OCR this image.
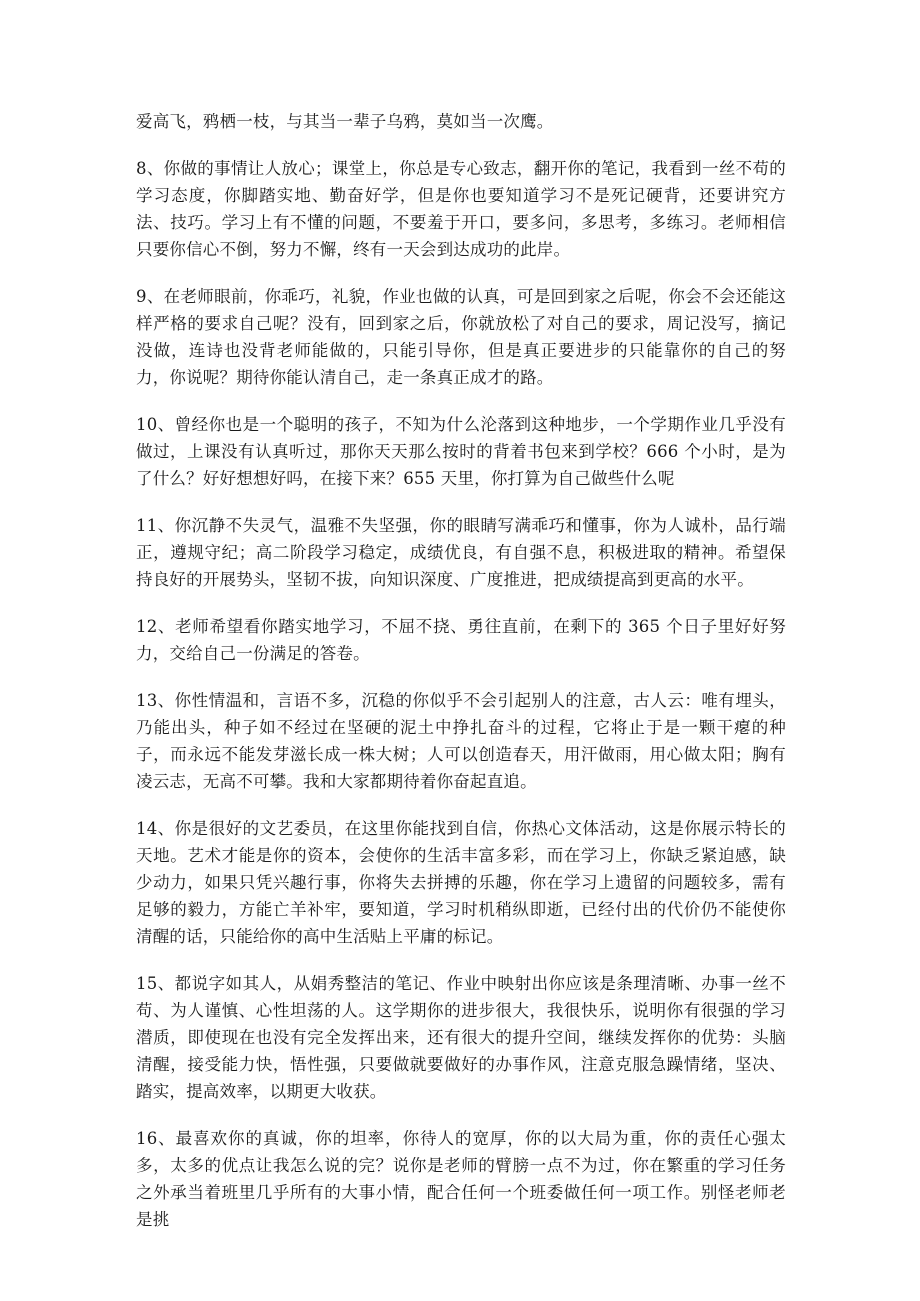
爱高飞，鸦栖一枝，与其当一辈子乌鸦，莫如当一次鹰。

8、你做的事情让人放心；课堂上，你总是专心致志，翻开你的笔记，我看到一丝不苟的学习态度，你脚踏实地、勤奋好学，但是你也要知道学习不是死记硬背，还要讲究方法、技巧。学习上有不懂的问题，不要羞于开口，要多问，多思考，多练习。老师相信只要你信心不倒，努力不懈，终有一天会到达成功的此岸。

9、在老师眼前，你乖巧，礼貌，作业也做的认真，可是回到家之后呢，你会不会还能这样严格的要求自己呢？没有，回到家之后，你就放松了对自己的要求，周记没写，摘记没做，连诗也没背老师能做的，只能引导你，但是真正要进步的只能靠你的自己的努力，你说呢？期待你能认清自己，走一条真正成才的路。

10、曾经你也是一个聪明的孩子，不知为什么沦落到这种地步，一个学期作业几乎没有做过，上课没有认真听过，那你天天那么按时的背着书包来到学校？666 个小时，是为了什么？好好想想好吗，在接下来？655 天里，你打算为自己做些什么呢

11、你沉静不失灵气，温雅不失坚强，你的眼睛写满乖巧和懂事，你为人诚朴，品行端正，遵规守纪；高二阶段学习稳定，成绩优良，有自强不息，积极进取的精神。希望保持良好的开展势头，坚韧不拔，向知识深度、广度推进，把成绩提高到更高的水平。

12、老师希望看你踏实地学习，不屈不挠、勇往直前，在剩下的 365 个日子里好好努力，交给自己一份满足的答卷。

13、你性情温和，言语不多，沉稳的你似乎不会引起别人的注意，古人云：唯有埋头，乃能出头，种子如不经过在坚硬的泥土中挣扎奋斗的过程，它将止于是一颗干瘪的种子，而永远不能发芽滋长成一株大树；人可以创造春天，用汗做雨，用心做太阳；胸有凌云志，无高不可攀。我和大家都期待着你奋起直追。

14、你是很好的文艺委员，在这里你能找到自信，你热心文体活动，这是你展示特长的天地。艺术才能是你的资本，会使你的生活丰富多彩，而在学习上，你缺乏紧迫感，缺少动力，如果只凭兴趣行事，你将失去拼搏的乐趣，你在学习上遗留的问题较多，需有足够的毅力，方能亡羊补牢，要知道，学习时机稍纵即逝，已经付出的代价仍不能使你清醒的话，只能给你的高中生活贴上平庸的标记。

15、都说字如其人，从娟秀整洁的笔记、作业中映射出你应该是条理清晰、办事一丝不苟、为人谨慎、心性坦荡的人。这学期你的进步很大，我很快乐，说明你有很强的学习潜质，即使现在也没有完全发挥出来，还有很大的提升空间，继续发挥你的优势：头脑清醒，接受能力快，悟性强，只要做就要做好的办事作风，注意克服急躁情绪，坚决、踏实，提高效率，以期更大收获。

16、最喜欢你的真诚，你的坦率，你待人的宽厚，你的以大局为重，你的责任心强太多，太多的优点让我怎么说的完？说你是老师的臂膀一点不为过，你在繁重的学习任务之外承当着班里几乎所有的大事小情，配合任何一个班委做任何一项工作。别怪老师老是挑
